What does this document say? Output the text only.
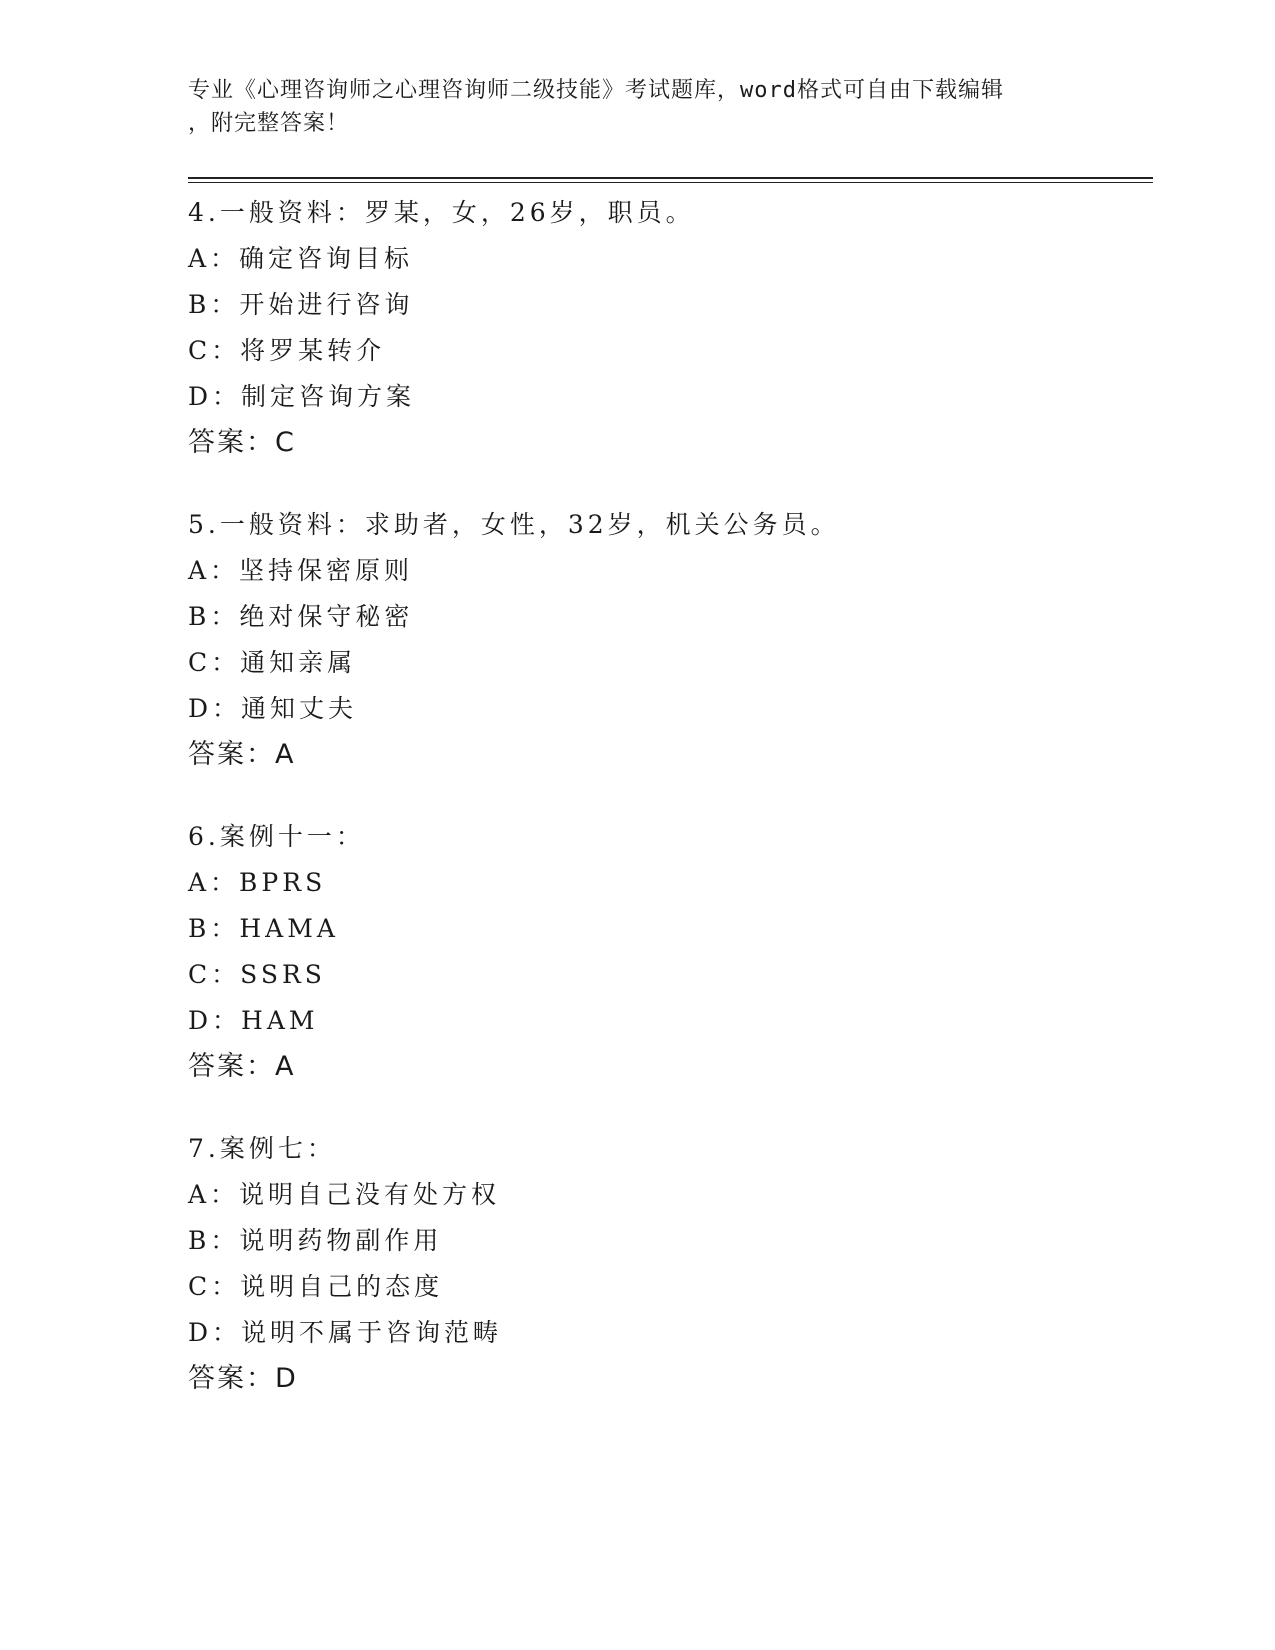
专业《心理咨询师之心理咨询师二级技能》考试题库，word格式可自由下载编辑
，附完整答案！
4.一般资料：罗某，女，26岁，职员。
A：确定咨询目标
B：开始进行咨询
C：将罗某转介
D：制定咨询方案
答案：C
5.一般资料：求助者，女性，32岁，机关公务员。
A：坚持保密原则
B：绝对保守秘密
C：通知亲属
D：通知丈夫
答案：A
6.案例十一：
A：BPRS
B：HAMA
C：SSRS
D：HAM
答案：A
7.案例七：
A：说明自己没有处方权
B：说明药物副作用
C：说明自己的态度
D：说明不属于咨询范畴
答案：D
